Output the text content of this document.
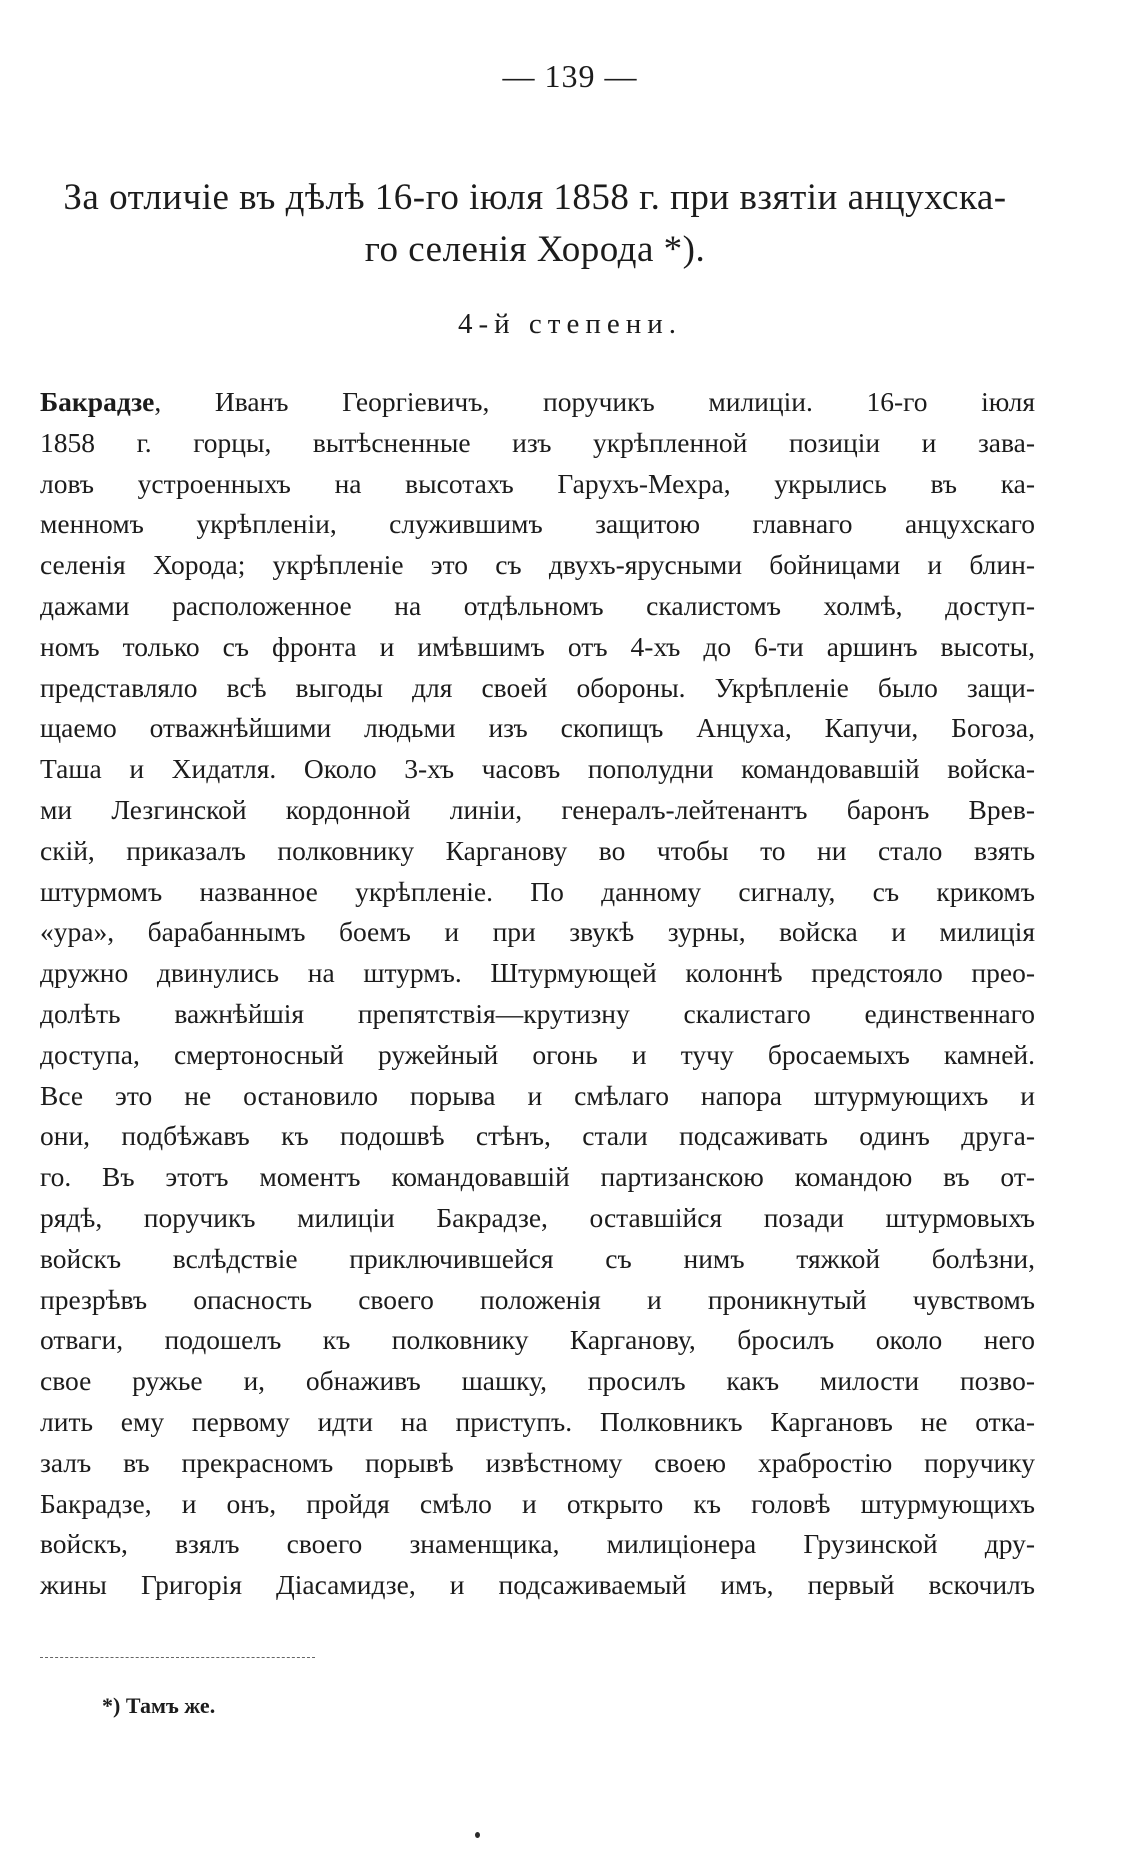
— 139 —
За отличіе въ дѣлѣ 16-го іюля 1858 г. при взятіи анцухска-
го селенія Хорода *).
4-й степени.
Бакрадзе, Иванъ Георгіевичъ, поручикъ милиціи. 16-го іюля
1858 г. горцы, вытѣсненные изъ укрѣпленной позиціи и зава-
ловъ устроенныхъ на высотахъ Гарухъ-Мехра, укрылись въ ка-
менномъ укрѣпленіи, служившимъ защитою главнаго анцухскаго
селенія Хорода; укрѣпленіе это съ двухъ-ярусными бойницами и блин-
дажами расположенное на отдѣльномъ скалистомъ холмѣ, доступ-
номъ только съ фронта и имѣвшимъ отъ 4-хъ до 6-ти аршинъ высоты,
представляло всѣ выгоды для своей обороны. Укрѣпленіе было защи-
щаемо отважнѣйшими людьми изъ скопищъ Анцуха, Капучи, Богоза,
Таша и Хидатля. Около 3-хъ часовъ пополудни командовавшій войска-
ми Лезгинской кордонной линіи, генералъ-лейтенантъ баронъ Врев-
скій, приказалъ полковнику Карганову во чтобы то ни стало взять
штурмомъ названное укрѣпленіе. По данному сигналу, съ крикомъ
«ура», барабаннымъ боемъ и при звукѣ зурны, войска и милиція
дружно двинулись на штурмъ. Штурмующей колоннѣ предстояло прео-
долѣть важнѣйшія препятствія—крутизну скалистаго единственнаго
доступа, смертоносный ружейный огонь и тучу бросаемыхъ камней.
Все это не остановило порыва и смѣлаго напора штурмующихъ и
они, подбѣжавъ къ подошвѣ стѣнъ, стали подсаживать одинъ друга-
го. Въ этотъ моментъ командовавшій партизанскою командою въ от-
рядѣ, поручикъ милиціи Бакрадзе, оставшійся позади штурмовыхъ
войскъ вслѣдствіе приключившейся съ нимъ тяжкой болѣзни,
презрѣвъ опасность своего положенія и проникнутый чувствомъ
отваги, подошелъ къ полковнику Карганову, бросилъ около него
свое ружье и, обнаживъ шашку, просилъ какъ милости позво-
лить ему первому идти на приступъ. Полковникъ Каргановъ не отка-
залъ въ прекрасномъ порывѣ извѣстному своею храбростію поручику
Бакрадзе, и онъ, пройдя смѣло и открыто къ головѣ штурмующихъ
войскъ, взялъ своего знаменщика, милиціонера Грузинской дру-
жины Григорія Діасамидзе, и подсаживаемый имъ, первый вскочилъ
*) Тамъ же.
